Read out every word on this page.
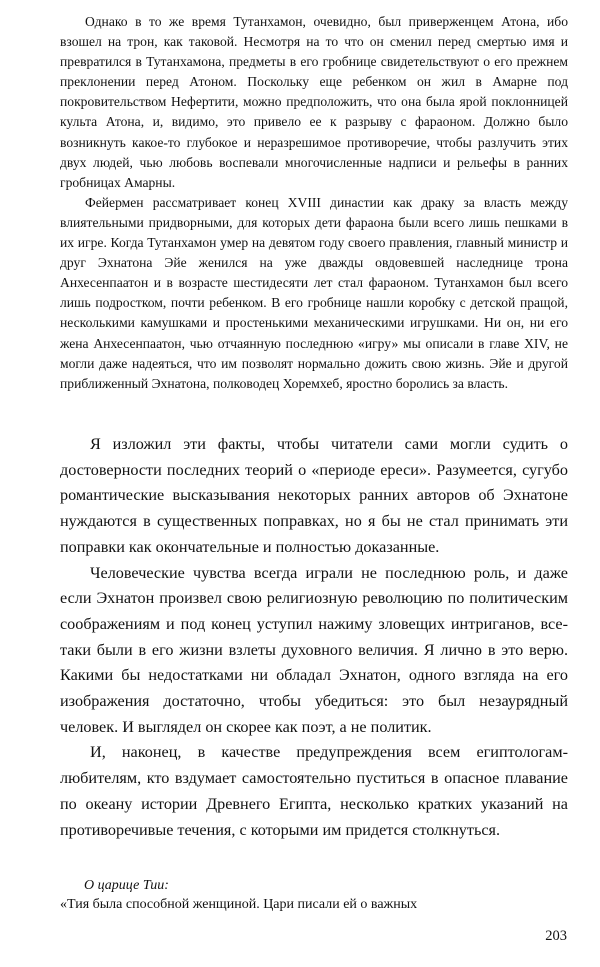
Однако в то же время Тутанхамон, очевидно, был приверженцем Атона, ибо взошел на трон, как таковой. Несмотря на то что он сменил перед смертью имя и превратился в Тутанхамона, предметы в его гробнице свидетельствуют о его прежнем преклонении перед Атоном. Поскольку еще ребенком он жил в Амарне под покровительством Нефертити, можно предположить, что она была ярой поклонницей культа Атона, и, видимо, это привело ее к разрыву с фараоном. Должно было возникнуть какое-то глубокое и неразрешимое противоречие, чтобы разлучить этих двух людей, чью любовь воспевали многочисленные надписи и рельефы в ранних гробницах Амарны.

Фейермен рассматривает конец XVIII династии как драку за власть между влиятельными придворными, для которых дети фараона были всего лишь пешками в их игре. Когда Тутанхамон умер на девятом году своего правления, главный министр и друг Эхнатона Эйе женился на уже дважды овдовевшей наследнице трона Анхесенпаатон и в возрасте шестидесяти лет стал фараоном. Тутанхамон был всего лишь подростком, почти ребенком. В его гробнице нашли коробку с детской пращой, несколькими камушками и простенькими механическими игрушками. Ни он, ни его жена Анхесенпаатон, чью отчаянную последнюю «игру» мы описали в главе XIV, не могли даже надеяться, что им позволят нормально дожить свою жизнь. Эйе и другой приближенный Эхнатона, полководец Хоремхеб, яростно боролись за власть.

Я изложил эти факты, чтобы читатели сами могли судить о достоверности последних теорий о «периоде ереси». Разумеется, сугубо романтические высказывания некоторых ранних авторов об Эхнатоне нуждаются в существенных поправках, но я бы не стал принимать эти поправки как окончательные и полностью доказанные.

Человеческие чувства всегда играли не последнюю роль, и даже если Эхнатон произвел свою религиозную революцию по политическим соображениям и под конец уступил нажиму зловещих интриганов, все-таки были в его жизни взлеты духовного величия. Я лично в это верю. Какими бы недостатками ни обладал Эхнатон, одного взгляда на его изображения достаточно, чтобы убедиться: это был незаурядный человек. И выглядел он скорее как поэт, а не политик.

И, наконец, в качестве предупреждения всем египтологам-любителям, кто вздумает самостоятельно пуститься в опасное плавание по океану истории Древнего Египта, несколько кратких указаний на противоречивые течения, с которыми им придется столкнуться.

О царице Тии:

«Тия была способной женщиной. Цари писали ей о важных

203
